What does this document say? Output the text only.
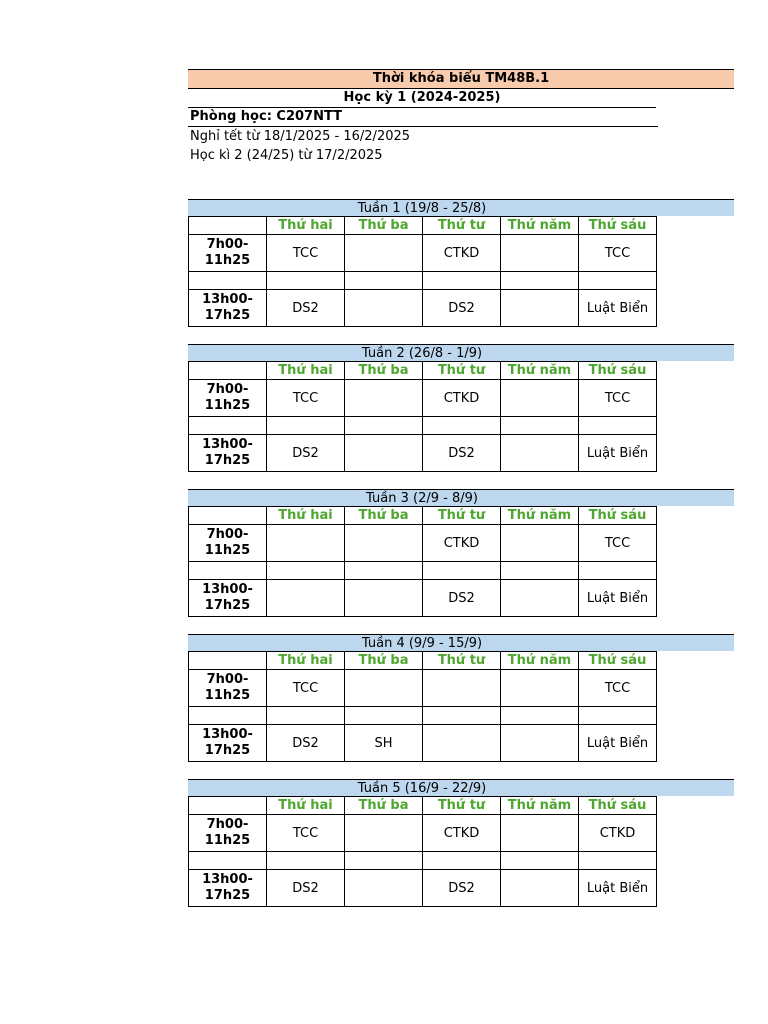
Thời khóa biểu TM48B.1
Học kỳ 1 (2024-2025)
Phòng học: C207NTT
Nghỉ tết từ 18/1/2025 - 16/2/2025
Học kì 2 (24/25) từ 17/2/2025
Tuần 1 (19/8 - 25/8)
	Thứ hai	Thứ ba	Thứ tư	Thứ năm	Thứ sáu

7h00-
11h25	TCC		CTKD		TCC

13h00-
17h25	DS2		DS2		Luật Biển
Tuần 2 (26/8 - 1/9)
	Thứ hai	Thứ ba	Thứ tư	Thứ năm	Thứ sáu

7h00-
11h25	TCC		CTKD		TCC

13h00-
17h25	DS2		DS2		Luật Biển
Tuần 3 (2/9 - 8/9)
	Thứ hai	Thứ ba	Thứ tư	Thứ năm	Thứ sáu

7h00-
11h25			CTKD		TCC

13h00-
17h25			DS2		Luật Biển
Tuần 4 (9/9 - 15/9)
	Thứ hai	Thứ ba	Thứ tư	Thứ năm	Thứ sáu

7h00-
11h25	TCC				TCC

13h00-
17h25	DS2	SH			Luật Biển
Tuần 5 (16/9 - 22/9)
	Thứ hai	Thứ ba	Thứ tư	Thứ năm	Thứ sáu

7h00-
11h25	TCC		CTKD		CTKD

13h00-
17h25	DS2		DS2		Luật Biển
